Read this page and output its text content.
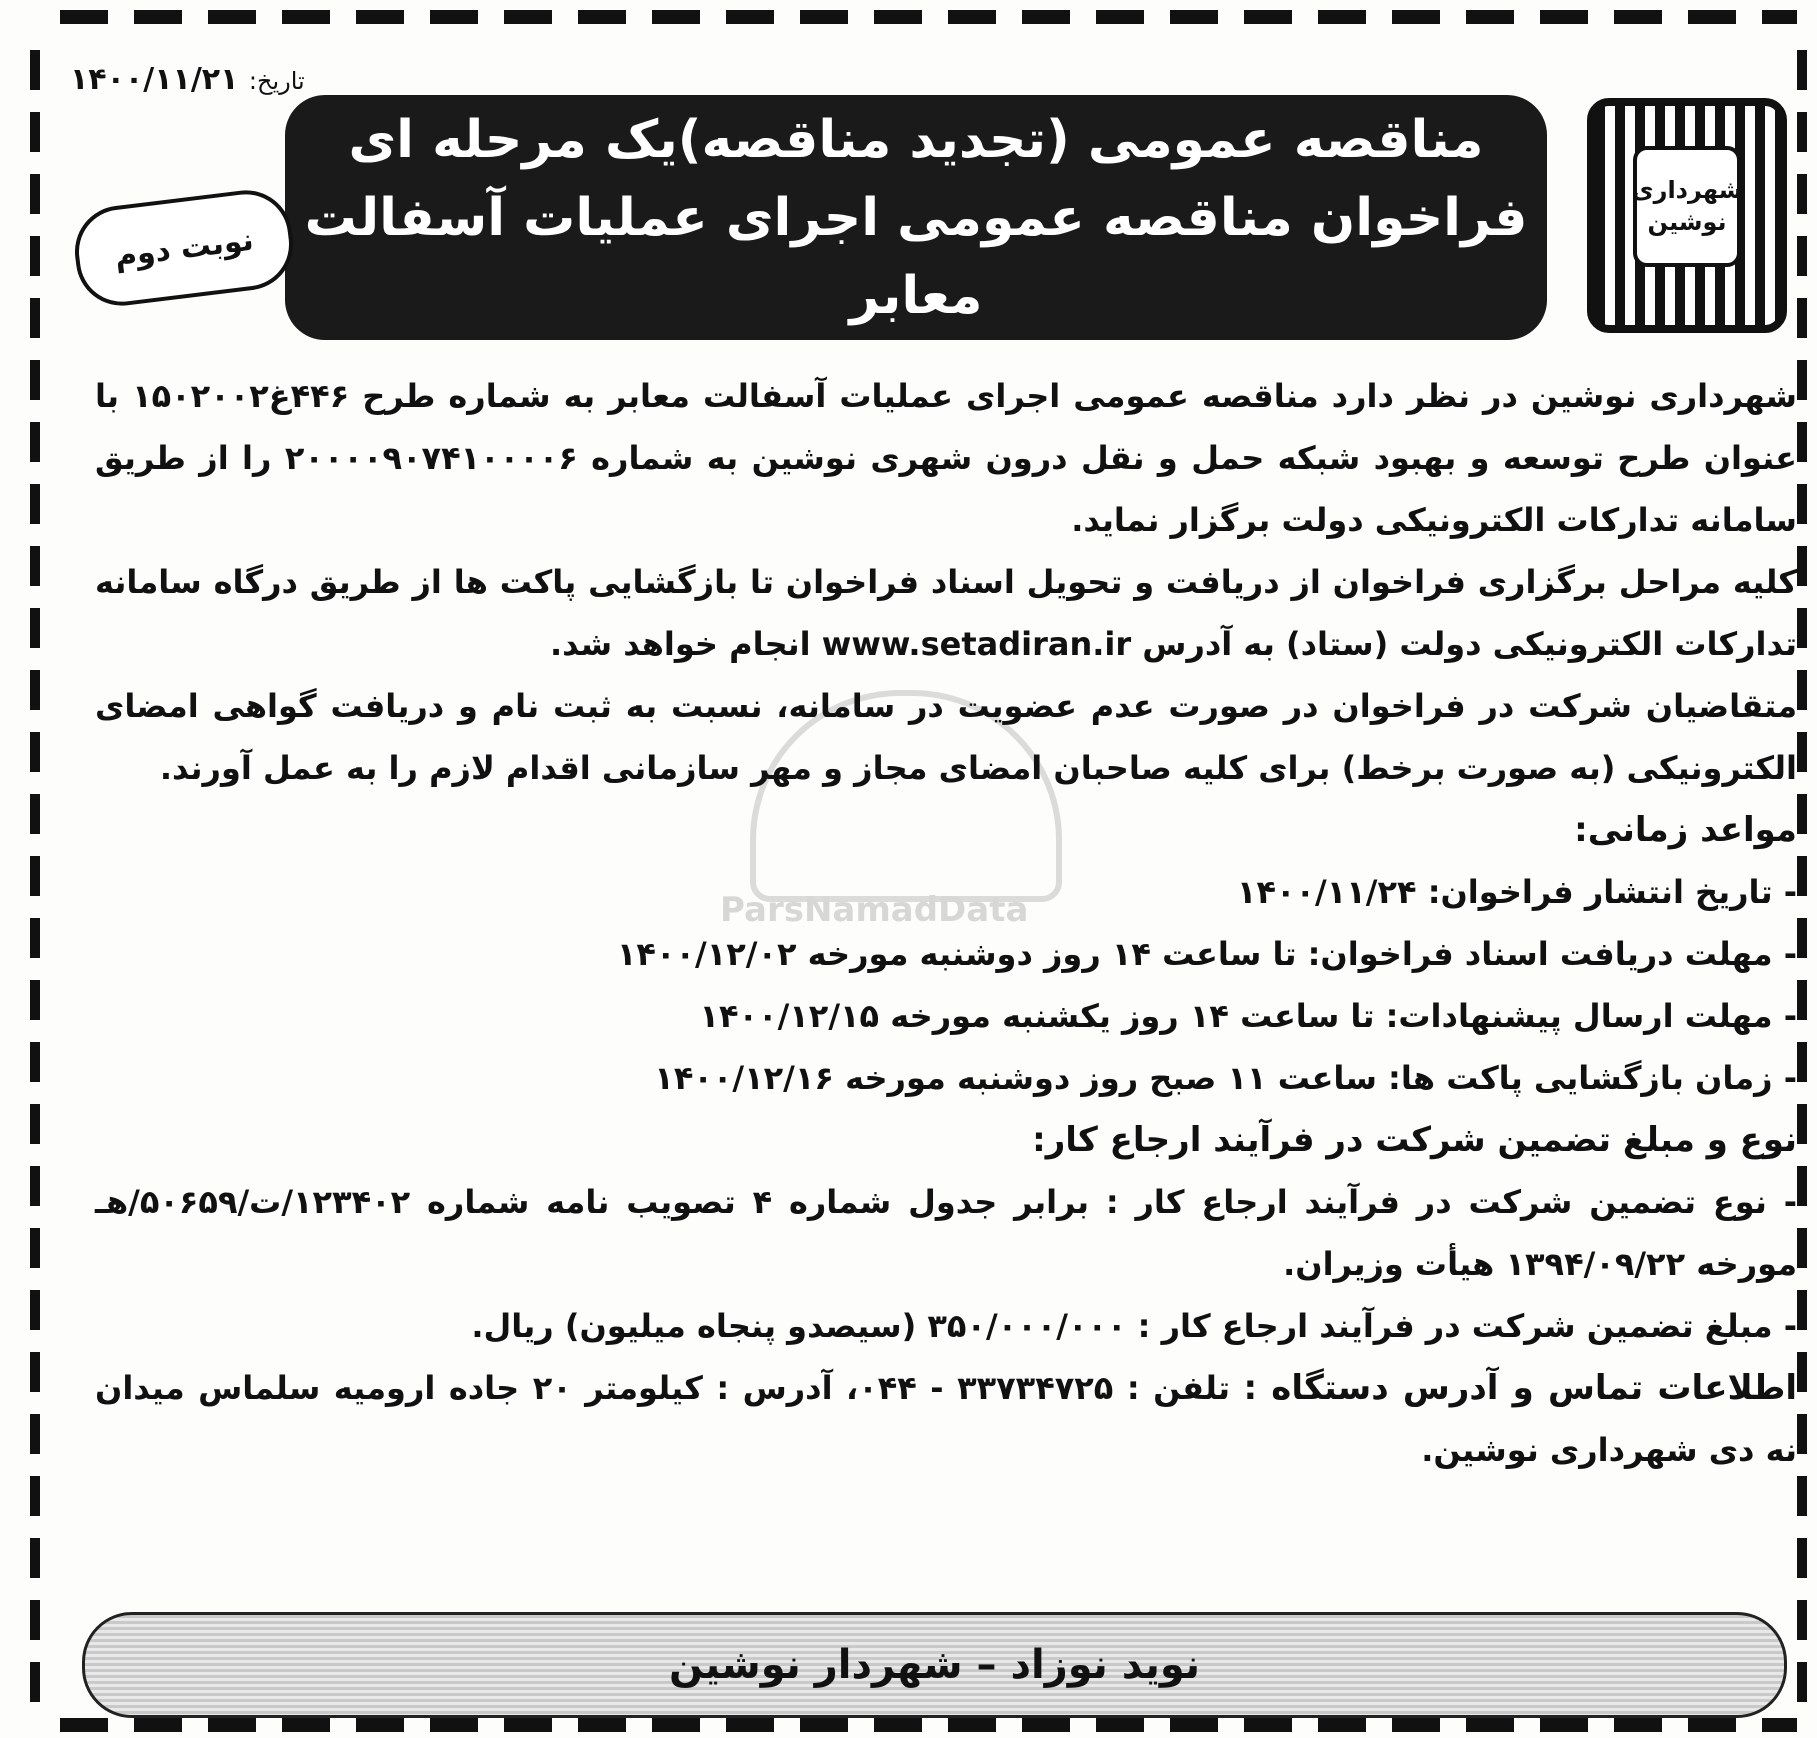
تاریخ: ۱۴۰۰/۱۱/۲۱
شهرداری
نوشین
مناقصه عمومی (تجدید مناقصه)یک مرحله ای
فراخوان مناقصه عمومی اجرای عملیات آسفالت معابر
نوبت دوم
ParsNamadData

شهرداری نوشین در نظر دارد مناقصه عمومی اجرای عملیات آسفالت معابر به شماره طرح ۴۴۶غ۱۵۰۲۰۰۲ با عنوان طرح توسعه و بهبود شبکه حمل و نقل درون شهری نوشین به شماره ۲۰۰۰۰۹۰۷۴۱۰۰۰۰۶ را از طریق سامانه تدارکات الکترونیکی دولت برگزار نماید.

کلیه مراحل برگزاری فراخوان از دریافت و تحویل اسناد فراخوان تا بازگشایی پاکت ها از طریق درگاه سامانه تدارکات الکترونیکی دولت (ستاد) به آدرس www.setadiran.ir انجام خواهد شد.

متقاضیان شرکت در فراخوان در صورت عدم عضویت در سامانه، نسبت به ثبت نام و دریافت گواهی امضای الکترونیکی (به صورت برخط) برای کلیه صاحبان امضای مجاز و مهر سازمانی اقدام لازم را به عمل آورند.

مواعد زمانی:

- تاریخ انتشار فراخوان: ۱۴۰۰/۱۱/۲۴

- مهلت دریافت اسناد فراخوان: تا ساعت ۱۴ روز دوشنبه مورخه ۱۴۰۰/۱۲/۰۲

- مهلت ارسال پیشنهادات: تا ساعت ۱۴ روز یکشنبه مورخه ۱۴۰۰/۱۲/۱۵

- زمان بازگشایی پاکت ها: ساعت ۱۱ صبح روز دوشنبه مورخه ۱۴۰۰/۱۲/۱۶

نوع و مبلغ تضمین شرکت در فرآیند ارجاع کار:

- نوع تضمین شرکت در فرآیند ارجاع کار : برابر جدول شماره ۴ تصویب نامه شماره ۱۲۳۴۰۲/ت/۵۰۶۵۹/هـ مورخه ۱۳۹۴/۰۹/۲۲ هیأت وزیران.

- مبلغ تضمین شرکت در فرآیند ارجاع کار : ۳۵۰/۰۰۰/۰۰۰ (سیصدو پنجاه میلیون) ریال.

اطلاعات تماس و آدرس دستگاه : تلفن : ۳۳۷۳۴۷۲۵ - ۰۴۴، آدرس : کیلومتر ۲۰ جاده ارومیه سلماس میدان نه دی شهرداری نوشین.

نوید نوزاد – شهردار نوشین
